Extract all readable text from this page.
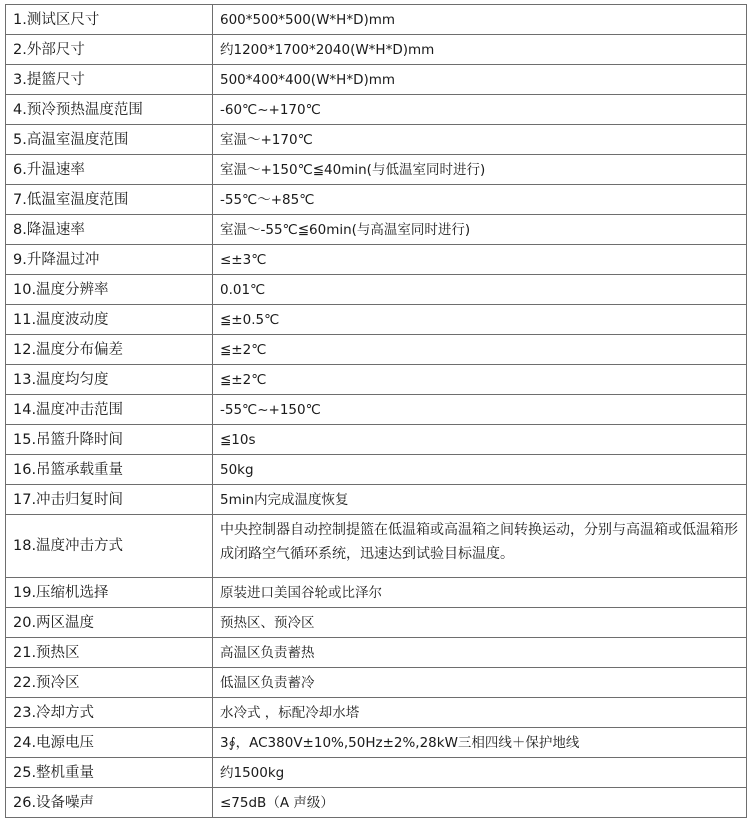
1.测试区尺寸	600*500*500(W*H*D)mm
2.外部尺寸	约1200*1700*2040(W*H*D)mm
3.提篮尺寸	500*400*400(W*H*D)mm
4.预冷预热温度范围	-60℃~+170℃
5.高温室温度范围	室温～+170℃
6.升温速率	室温～+150℃≦40min(与低温室同时进行)
7.低温室温度范围	-55℃～+85℃
8.降温速率	室温～-55℃≦60min(与高温室同时进行)
9.升降温过冲	≤±3℃
10.温度分辨率	0.01℃
11.温度波动度	≦±0.5℃
12.温度分布偏差	≦±2℃
13.温度均匀度	≦±2℃
14.温度冲击范围	-55℃~+150℃
15.吊篮升降时间	≦10s
16.吊篮承载重量	50kg
17.冲击归复时间	5min内完成温度恢复
18.温度冲击方式	中央控制器自动控制提篮在低温箱或高温箱之间转换运动，分别与高温箱或低温箱形成闭路空气循环系统，迅速达到试验目标温度。
19.压缩机选择	原装进口美国谷轮或比泽尔
20.两区温度	预热区、预冷区
21.预热区	高温区负责蓄热
22.预冷区	低温区负责蓄冷
23.冷却方式	水冷式 ，标配冷却水塔
24.电源电压	3∮，AC380V±10%,50Hz±2%,28kW三相四线＋保护地线
25.整机重量	约1500kg
26.设备噪声	≤75dB（A 声级）
